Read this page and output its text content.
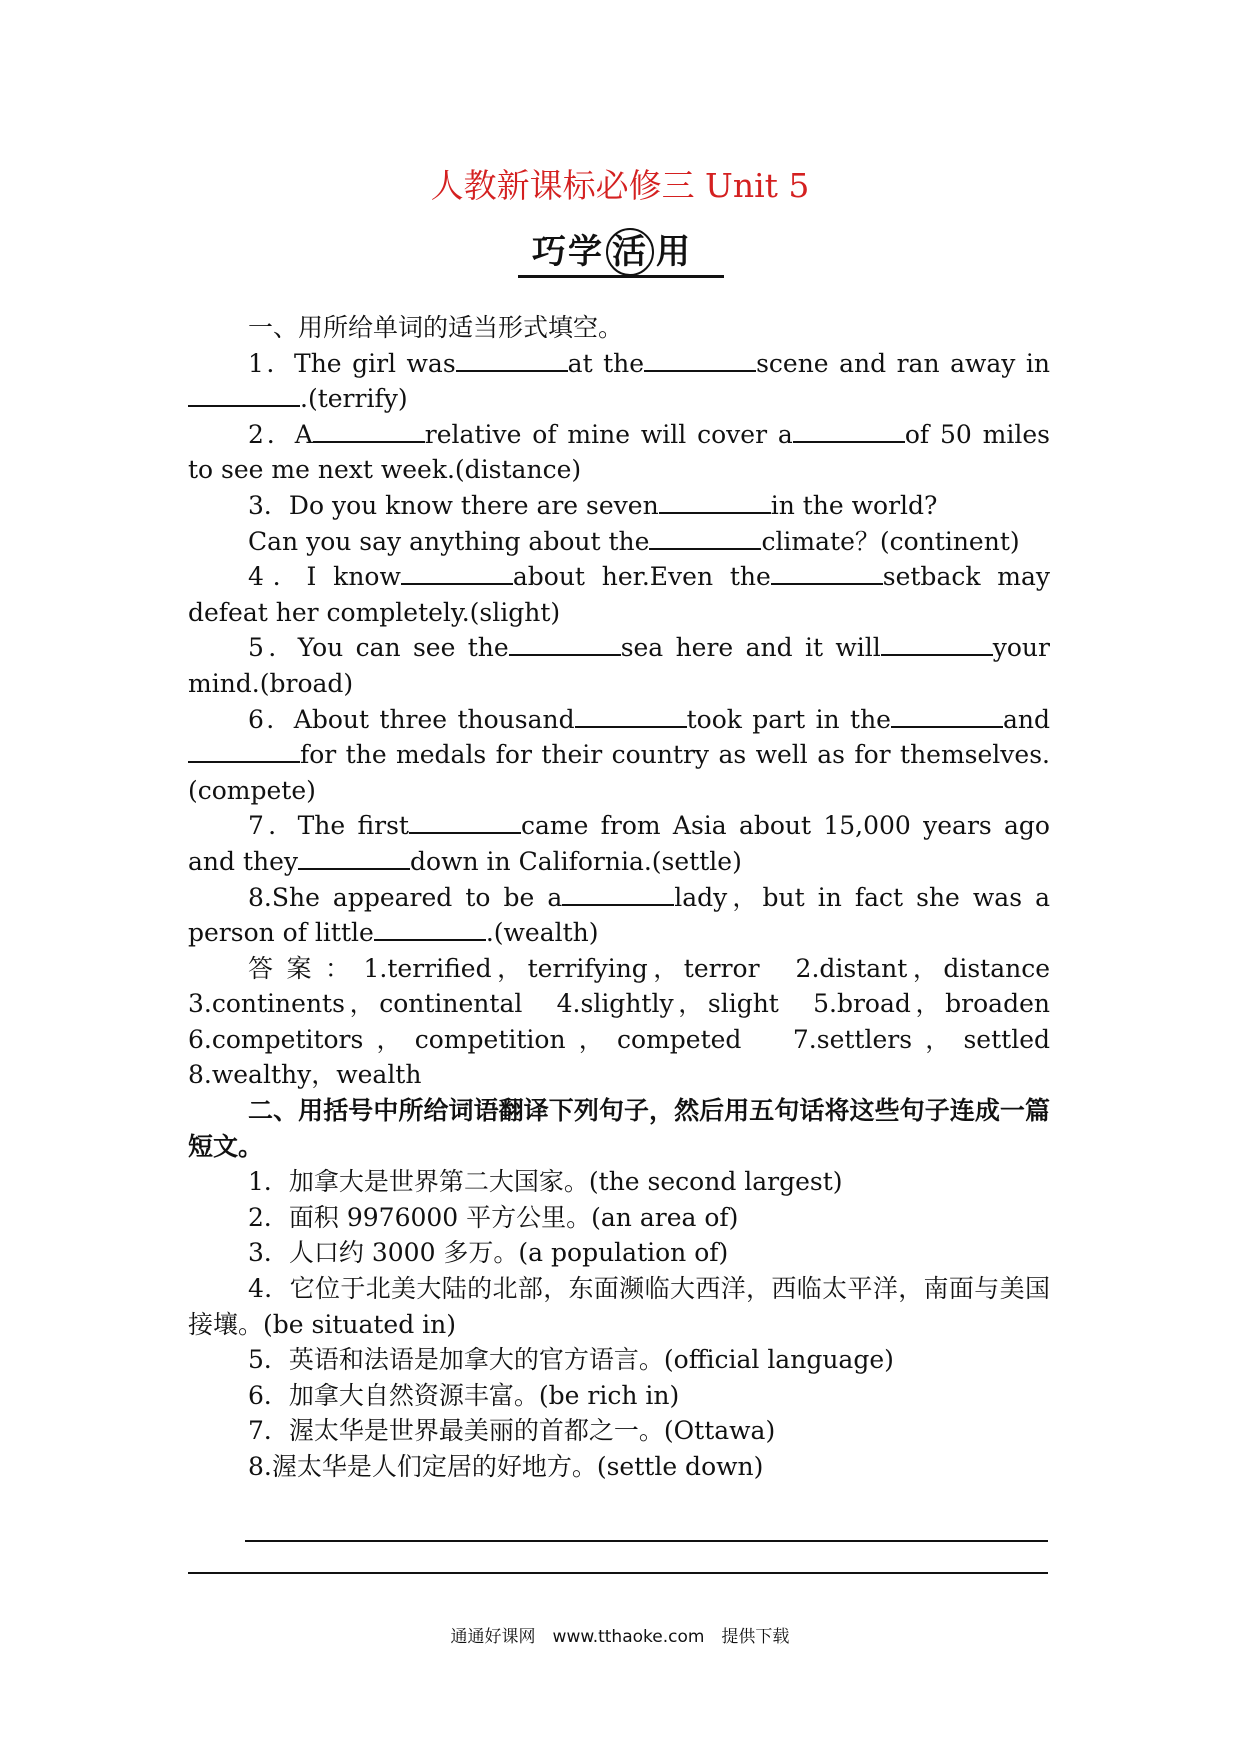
人教新课标必修三 Unit 5
巧学 活 用

一、用所给单词的适当形式填空。

1．The girl was	at the	scene and ran away in.(terrify)

2．A	relative of mine will cover a	of 50 miles to see me next week.(distance)

3．Do you know there are seven	in the world?

Can you say anything about the	climate？(continent)

4．I know	about her.Even the	setback may defeat her completely.(slight)

5．You can see the	sea here and it will	your mind.(broad)

6．About three thousand	took part in the	andfor the medals for their country as well as for themselves.(compete)

7．The first	came from Asia about 15,000 years ago and they	down in California.(settle)

8.She appeared to be a	lady，but in fact she was a person of little	.(wealth)

答案：1.terrified，terrifying，terror　2.distant，distance　3.continents，continental　4.slightly，slight　5.broad，broaden　6.competitors，competition，competed　7.settlers，settled　8.wealthy，wealth

二、用括号中所给词语翻译下列句子，然后用五句话将这些句子连成一篇短文。

1．加拿大是世界第二大国家。(the second largest)

2．面积 9976000 平方公里。(an area of)

3．人口约 3000 多万。(a population of)

4．它位于北美大陆的北部，东面濒临大西洋，西临太平洋，南面与美国接壤。(be situated in)

5．英语和法语是加拿大的官方语言。(official language)

6．加拿大自然资源丰富。(be rich in)

7．渥太华是世界最美丽的首都之一。(Ottawa)

8.渥太华是人们定居的好地方。(settle down)

通通好课网　www.tthaoke.com　提供下载
